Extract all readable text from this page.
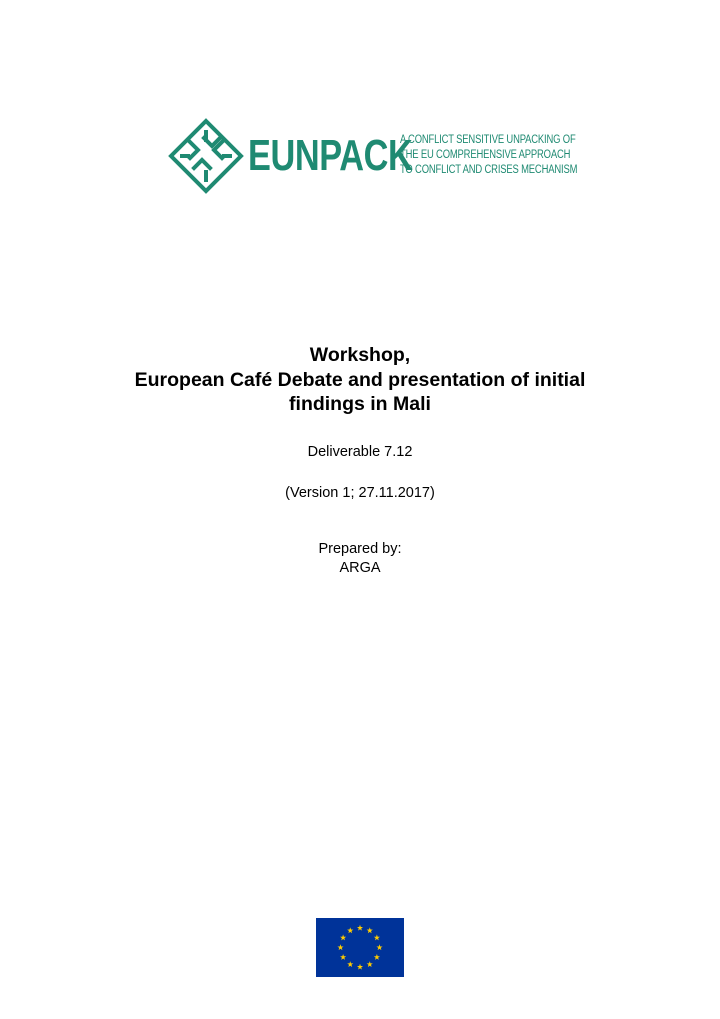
EUNPACK
A CONFLICT SENSITIVE UNPACKING OF
THE EU COMPREHENSIVE APPROACH
TO CONFLICT AND CRISES MECHANISM
Workshop,
European Café Debate and presentation of initial
findings in Mali
Deliverable 7.12
(Version 1; 27.11.2017)
Prepared by:
ARGA
